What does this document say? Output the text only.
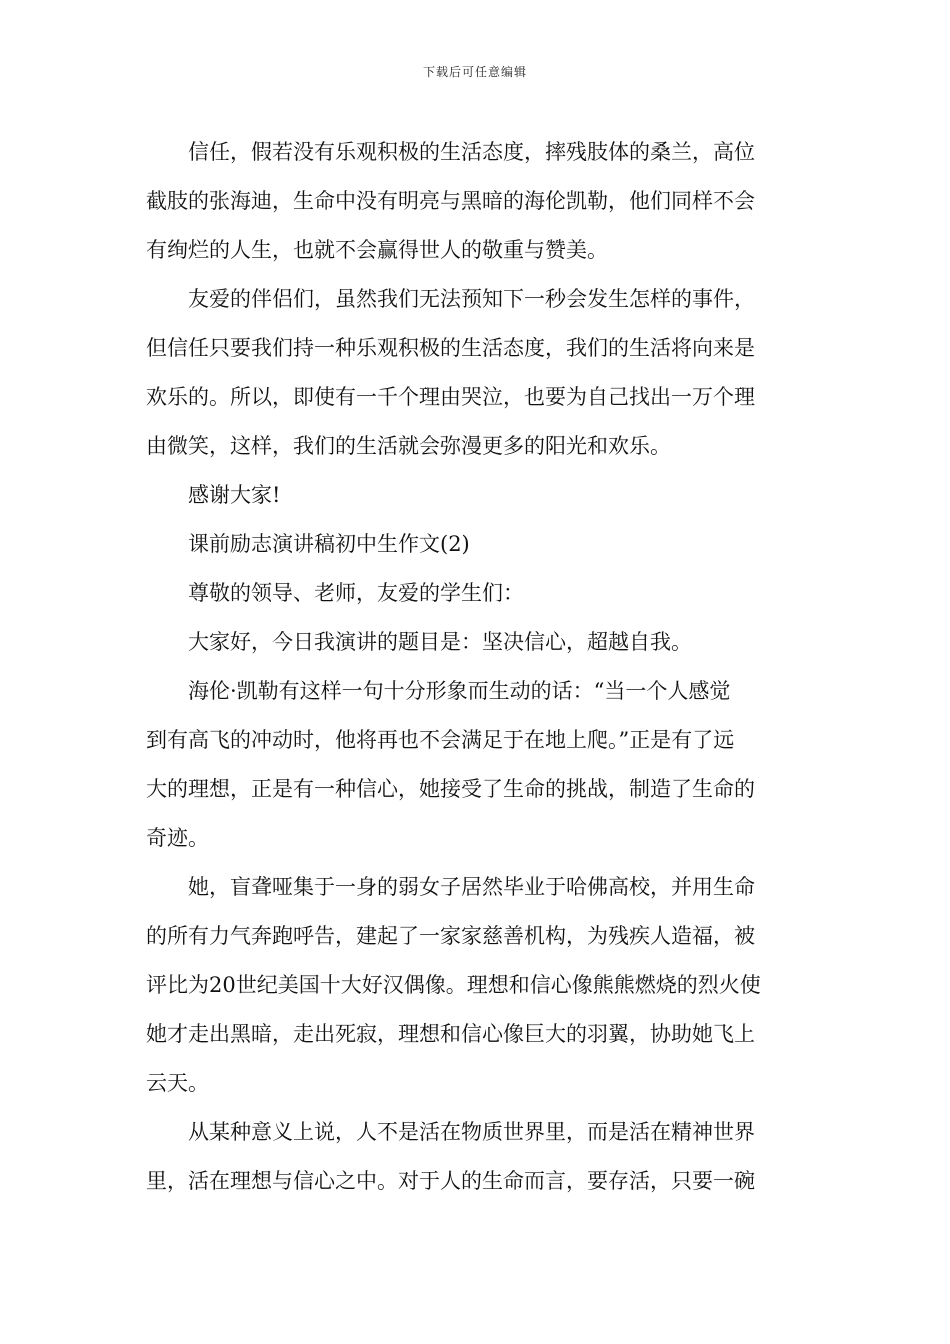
下载后可任意编辑

信任，假若没有乐观积极的生活态度，摔残肢体的桑兰，高位
截肢的张海迪，生命中没有明亮与黑暗的海伦凯勒，他们同样不会
有绚烂的人生，也就不会赢得世人的敬重与赞美。

友爱的伴侣们，虽然我们无法预知下一秒会发生怎样的事件，
但信任只要我们持一种乐观积极的生活态度，我们的生活将向来是
欢乐的。所以，即使有一千个理由哭泣，也要为自己找出一万个理
由微笑，这样，我们的生活就会弥漫更多的阳光和欢乐。

感谢大家!

课前励志演讲稿初中生作文(2)

尊敬的领导、老师，友爱的学生们：

大家好，今日我演讲的题目是：坚决信心，超越自我。

海伦·凯勒有这样一句十分形象而生动的话：“当一个人感觉
到有高飞的冲动时，他将再也不会满足于在地上爬。”正是有了远
大的理想，正是有一种信心，她接受了生命的挑战，制造了生命的
奇迹。

她，盲聋哑集于一身的弱女子居然毕业于哈佛高校，并用生命
的所有力气奔跑呼告，建起了一家家慈善机构，为残疾人造福，被
评比为20世纪美国十大好汉偶像。理想和信心像熊熊燃烧的烈火使
她才走出黑暗，走出死寂，理想和信心像巨大的羽翼，协助她飞上
云天。

从某种意义上说，人不是活在物质世界里，而是活在精神世界
里，活在理想与信心之中。对于人的生命而言，要存活，只要一碗
